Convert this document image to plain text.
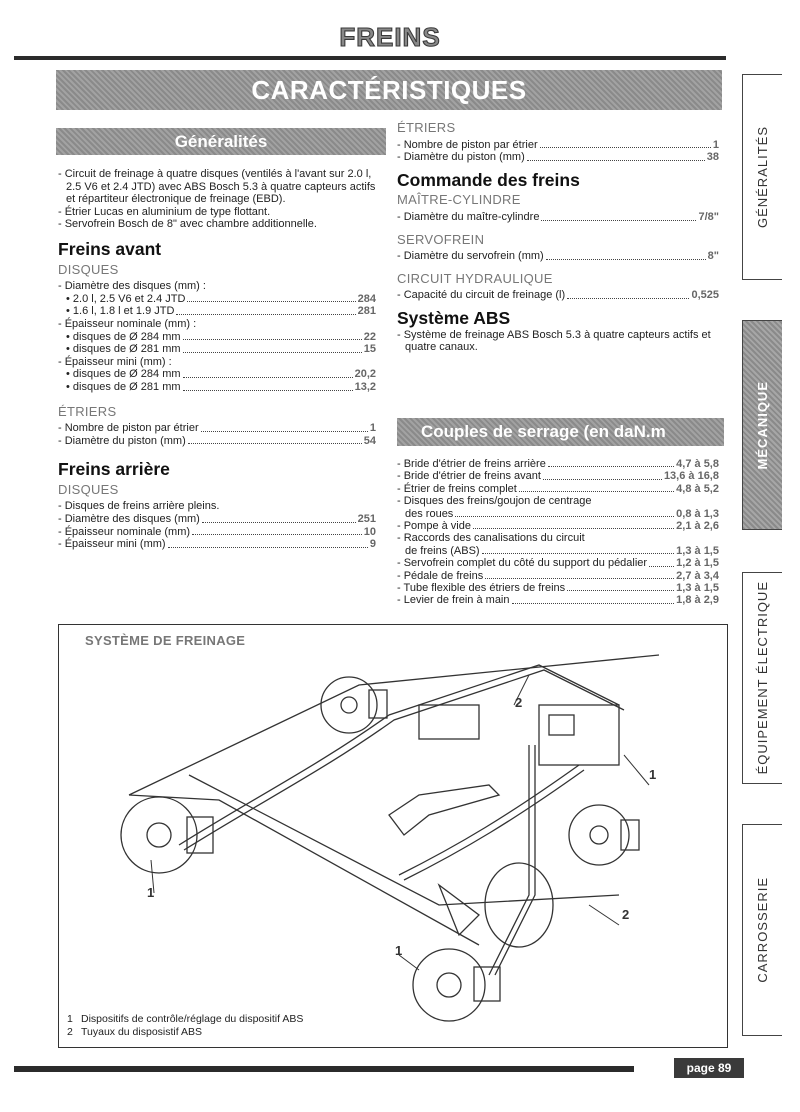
FREINS
CARACTÉRISTIQUES
Généralités
- Circuit de freinage à quatre disques (ventilés à l'avant sur 2.0 l, 2.5 V6 et 2.4 JTD) avec ABS Bosch 5.3 à quatre capteurs actifs et répartiteur électronique de freinage (EBD).
- Étrier Lucas en aluminium de type flottant.
- Servofrein Bosch de 8" avec chambre additionnelle.
Freins avant
DISQUES
- Diamètre des disques (mm) :
• 2.0 l, 2.5 V6 et 2.4 JTD	284
• 1.6 l, 1.8 l et 1.9 JTD	281
- Épaisseur nominale (mm) :
• disques de Ø 284 mm	22
• disques de Ø 281 mm	15
- Épaisseur mini (mm) :
• disques de Ø 284 mm	20,2
• disques de Ø 281 mm	13,2
ÉTRIERS
- Nombre de piston par étrier	1
- Diamètre du piston (mm)	54
Freins arrière
DISQUES
- Disques de freins arrière pleins.
- Diamètre des disques (mm)	251
- Épaisseur nominale (mm)	10
- Épaisseur mini (mm)	9
ÉTRIERS
- Nombre de piston par étrier	1
- Diamètre du piston (mm)	38
Commande des freins
MAÎTRE-CYLINDRE
- Diamètre du maître-cylindre	7/8"
SERVOFREIN
- Diamètre du servofrein (mm)	8"
CIRCUIT HYDRAULIQUE
- Capacité du circuit de freinage (l)	0,525
Système ABS
- Système de freinage ABS Bosch 5.3 à quatre capteurs actifs et quatre canaux.
Couples de serrage (en daN.m
- Bride d'étrier de freins arrière	4,7 à 5,8
- Bride d'étrier de freins avant	13,6 à 16,8
- Étrier de freins complet	4,8 à 5,2
- Disques des freins/goujon de centrage
des roues	0,8 à 1,3
- Pompe à vide	2,1 à 2,6
- Raccords des canalisations du circuit
de freins (ABS)	1,3 à 1,5
- Servofrein complet du côté du support du pédalier	1,2 à 1,5
- Pédale de freins	2,7 à 3,4
- Tube flexible des étriers de freins	1,3 à 1,5
- Levier de frein à main	1,8 à 2,9
GÉNÉRALITÉS
MÉCANIQUE
ÉQUIPEMENT ÉLECTRIQUE
CARROSSERIE
SYSTÈME DE FREINAGE
2
1
1
2
1
1 Dispositifs de contrôle/réglage du dispositif ABS
2 Tuyaux du disposistif ABS
page 89
